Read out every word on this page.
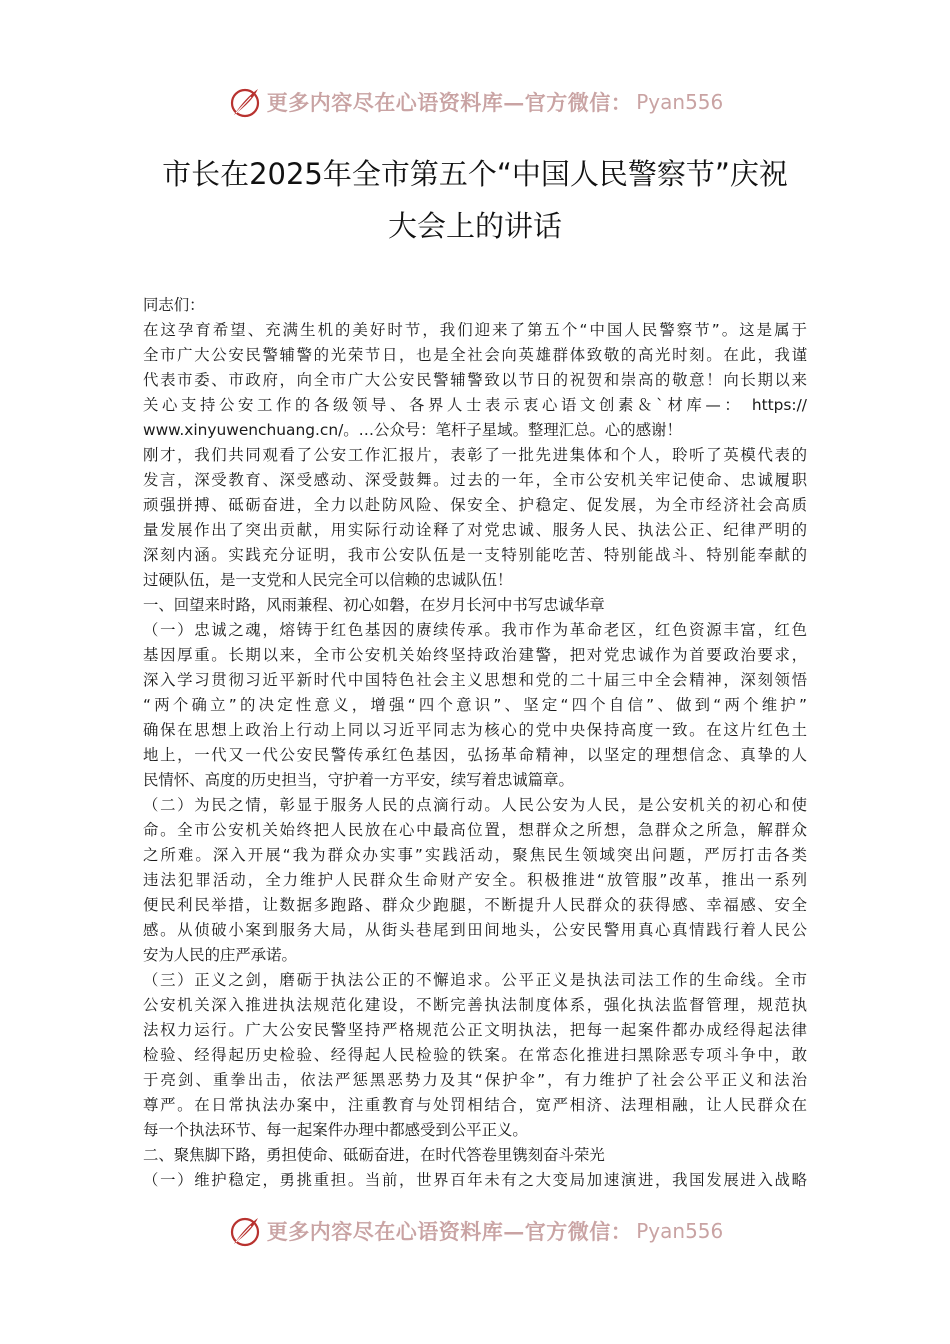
更多内容尽在心语资料库—官方微信： Pyan556
市长在2025年全市第五个“中国人民警察节”庆祝
大会上的讲话

同志们：

在这孕育希望、充满生机的美好时节，我们迎来了第五个“中国人民警察节”。这是属于

全市广大公安民警辅警的光荣节日，也是全社会向英雄群体致敬的高光时刻。在此，我谨

代表市委、市政府，向全市广大公安民警辅警致以节日的祝贺和崇高的敬意！向长期以来

关心支持公安工作的各级领导、各界人士表示衷心语文创素＆`材库—： https://

www.xinyuwenchuang.cn/。…公众号：笔杆子星域。整理汇总。心的感谢！

刚才，我们共同观看了公安工作汇报片，表彰了一批先进集体和个人，聆听了英模代表的

发言，深受教育、深受感动、深受鼓舞。过去的一年，全市公安机关牢记使命、忠诚履职

顽强拼搏、砥砺奋进，全力以赴防风险、保安全、护稳定、促发展，为全市经济社会高质

量发展作出了突出贡献，用实际行动诠释了对党忠诚、服务人民、执法公正、纪律严明的

深刻内涵。实践充分证明，我市公安队伍是一支特别能吃苦、特别能战斗、特别能奉献的

过硬队伍，是一支党和人民完全可以信赖的忠诚队伍！

一、回望来时路，风雨兼程、初心如磐，在岁月长河中书写忠诚华章

（一）忠诚之魂，熔铸于红色基因的赓续传承。我市作为革命老区，红色资源丰富，红色

基因厚重。长期以来，全市公安机关始终坚持政治建警，把对党忠诚作为首要政治要求，

深入学习贯彻习近平新时代中国特色社会主义思想和党的二十届三中全会精神，深刻领悟

“两个确立”的决定性意义，增强“四个意识”、坚定“四个自信”、做到“两个维护”

确保在思想上政治上行动上同以习近平同志为核心的党中央保持高度一致。在这片红色土

地上，一代又一代公安民警传承红色基因，弘扬革命精神，以坚定的理想信念、真挚的人

民情怀、高度的历史担当，守护着一方平安，续写着忠诚篇章。

（二）为民之情，彰显于服务人民的点滴行动。人民公安为人民，是公安机关的初心和使

命。全市公安机关始终把人民放在心中最高位置，想群众之所想，急群众之所急，解群众

之所难。深入开展“我为群众办实事”实践活动，聚焦民生领域突出问题，严厉打击各类

违法犯罪活动，全力维护人民群众生命财产安全。积极推进“放管服”改革，推出一系列

便民利民举措，让数据多跑路、群众少跑腿，不断提升人民群众的获得感、幸福感、安全

感。从侦破小案到服务大局，从街头巷尾到田间地头，公安民警用真心真情践行着人民公

安为人民的庄严承诺。

（三）正义之剑，磨砺于执法公正的不懈追求。公平正义是执法司法工作的生命线。全市

公安机关深入推进执法规范化建设，不断完善执法制度体系，强化执法监督管理，规范执

法权力运行。广大公安民警坚持严格规范公正文明执法，把每一起案件都办成经得起法律

检验、经得起历史检验、经得起人民检验的铁案。在常态化推进扫黑除恶专项斗争中，敢

于亮剑、重拳出击，依法严惩黑恶势力及其“保护伞”，有力维护了社会公平正义和法治

尊严。在日常执法办案中，注重教育与处罚相结合，宽严相济、法理相融，让人民群众在

每一个执法环节、每一起案件办理中都感受到公平正义。

二、聚焦脚下路，勇担使命、砥砺奋进，在时代答卷里镌刻奋斗荣光

（一）维护稳定，勇挑重担。当前，世界百年未有之大变局加速演进，我国发展进入战略

更多内容尽在心语资料库—官方微信： Pyan556
